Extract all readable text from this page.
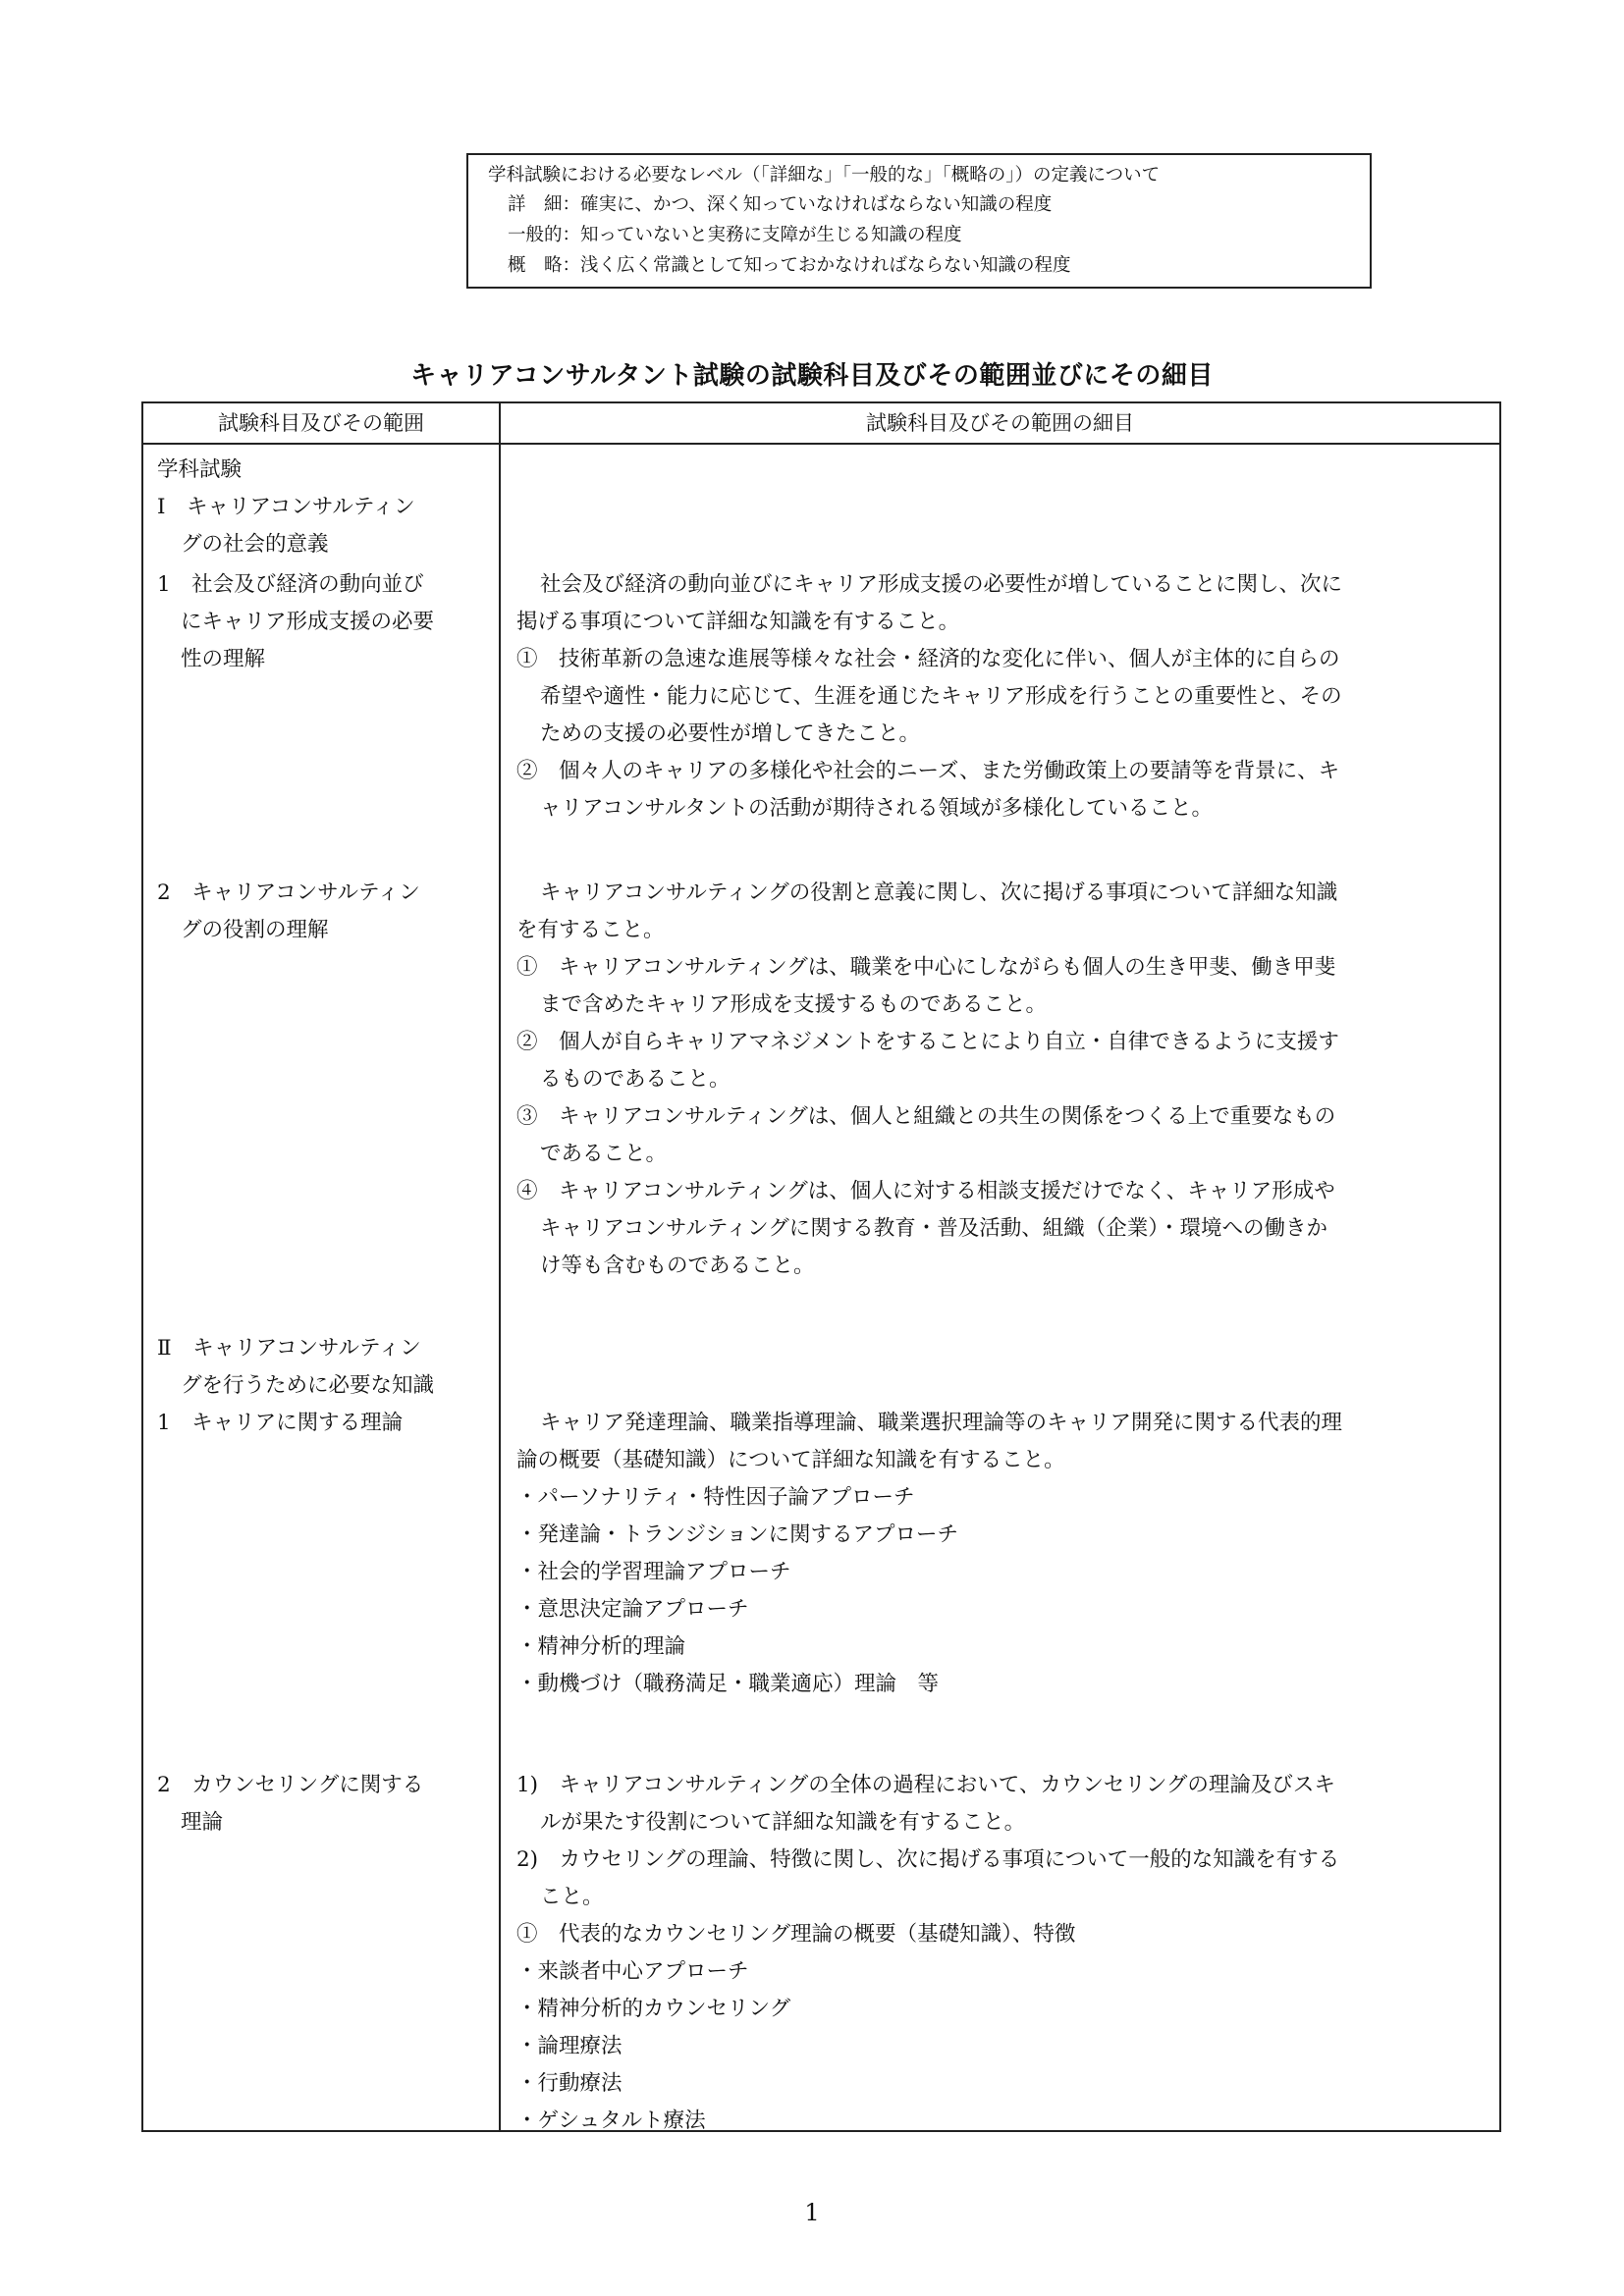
学科試験における必要なレベル（「詳細な」「一般的な」「概略の」）の定義について
詳　細：確実に、かつ、深く知っていなければならない知識の程度
一般的：知っていないと実務に支障が生じる知識の程度
概　略：浅く広く常識として知っておかなければならない知識の程度
キャリアコンサルタント試験の試験科目及びその範囲並びにその細目
試験科目及びその範囲	試験科目及びその範囲の細目
学科試験
Ⅰ　キャリアコンサルティン
グの社会的意義
1　社会及び経済の動向並び
にキャリア形成支援の必要
性の理解
2　キャリアコンサルティン
グの役割の理解
Ⅱ　キャリアコンサルティン
グを行うために必要な知識
1　キャリアに関する理論
2　カウンセリングに関する
理論
社会及び経済の動向並びにキャリア形成支援の必要性が増していることに関し、次に
掲げる事項について詳細な知識を有すること。
①　技術革新の急速な進展等様々な社会・経済的な変化に伴い、個人が主体的に自らの
希望や適性・能力に応じて、生涯を通じたキャリア形成を行うことの重要性と、その
ための支援の必要性が増してきたこと。
②　個々人のキャリアの多様化や社会的ニーズ、また労働政策上の要請等を背景に、キ
ャリアコンサルタントの活動が期待される領域が多様化していること。
キャリアコンサルティングの役割と意義に関し、次に掲げる事項について詳細な知識
を有すること。
①　キャリアコンサルティングは、職業を中心にしながらも個人の生き甲斐、働き甲斐
まで含めたキャリア形成を支援するものであること。
②　個人が自らキャリアマネジメントをすることにより自立・自律できるように支援す
るものであること。
③　キャリアコンサルティングは、個人と組織との共生の関係をつくる上で重要なもの
であること。
④　キャリアコンサルティングは、個人に対する相談支援だけでなく、キャリア形成や
キャリアコンサルティングに関する教育・普及活動、組織（企業）・環境への働きか
け等も含むものであること。
キャリア発達理論、職業指導理論、職業選択理論等のキャリア開発に関する代表的理
論の概要（基礎知識）について詳細な知識を有すること。
・パーソナリティ・特性因子論アプローチ
・発達論・トランジションに関するアプローチ
・社会的学習理論アプローチ
・意思決定論アプローチ
・精神分析的理論
・動機づけ（職務満足・職業適応）理論　等
1)　キャリアコンサルティングの全体の過程において、カウンセリングの理論及びスキ
ルが果たす役割について詳細な知識を有すること。
2)　カウセリングの理論、特徴に関し、次に掲げる事項について一般的な知識を有する
こと。
①　代表的なカウンセリング理論の概要（基礎知識）、特徴
・来談者中心アプローチ
・精神分析的カウンセリング
・論理療法
・行動療法
・ゲシュタルト療法
1
